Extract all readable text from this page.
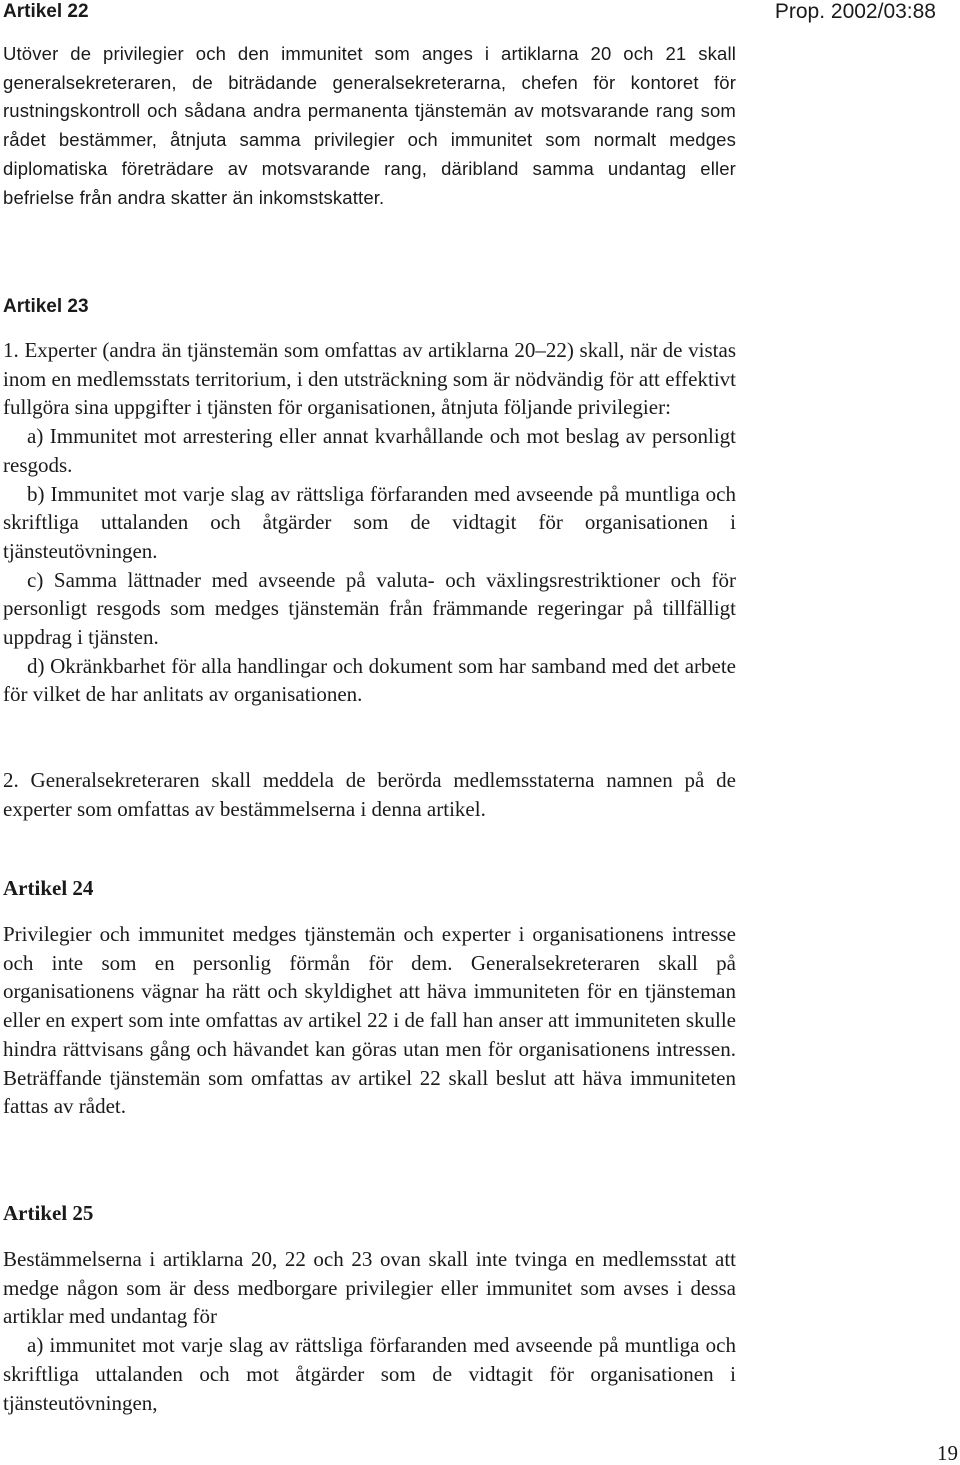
Prop. 2002/03:88
Artikel 22

Utöver de privilegier och den immunitet som anges i artiklarna 20 och 21 skall generalsekreteraren, de biträdande generalsekreterarna, chefen för kontoret för rustningskontroll och sådana andra permanenta tjänstemän av motsvarande rang som rådet bestämmer, åtnjuta samma privilegier och immunitet som normalt medges diplomatiska företrädare av motsvarande rang, däribland samma undantag eller befrielse från andra skatter än inkomstskatter.

Artikel 23

1. Experter (andra än tjänstemän som omfattas av artiklarna 20–22) skall, när de vistas inom en medlemsstats territorium, i den utsträckning som är nödvändig för att effektivt fullgöra sina uppgifter i tjänsten för organisationen, åtnjuta följande privilegier:

a) Immunitet mot arrestering eller annat kvarhållande och mot beslag av personligt resgods.

b) Immunitet mot varje slag av rättsliga förfaranden med avseende på muntliga och skriftliga uttalanden och åtgärder som de vidtagit för organisationen i tjänsteutövningen.

c) Samma lättnader med avseende på valuta- och växlingsrestriktioner och för personligt resgods som medges tjänstemän från främmande regeringar på tillfälligt uppdrag i tjänsten.

d) Okränkbarhet för alla handlingar och dokument som har samband med det arbete för vilket de har anlitats av organisationen.

2. Generalsekreteraren skall meddela de berörda medlemsstaterna namnen på de experter som omfattas av bestämmelserna i denna artikel.

Artikel 24

Privilegier och immunitet medges tjänstemän och experter i organisationens intresse och inte som en personlig förmån för dem. Generalsekreteraren skall på organisationens vägnar ha rätt och skyldighet att häva immuniteten för en tjänsteman eller en expert som inte omfattas av artikel 22 i de fall han anser att immuniteten skulle hindra rättvisans gång och hävandet kan göras utan men för organisationens intressen. Beträffande tjänstemän som omfattas av artikel 22 skall beslut att häva immuniteten fattas av rådet.

Artikel 25

Bestämmelserna i artiklarna 20, 22 och 23 ovan skall inte tvinga en medlemsstat att medge någon som är dess medborgare privilegier eller immunitet som avses i dessa artiklar med undantag för

a) immunitet mot varje slag av rättsliga förfaranden med avseende på muntliga och skriftliga uttalanden och mot åtgärder som de vidtagit för organisationen i tjänsteutövningen,

19
